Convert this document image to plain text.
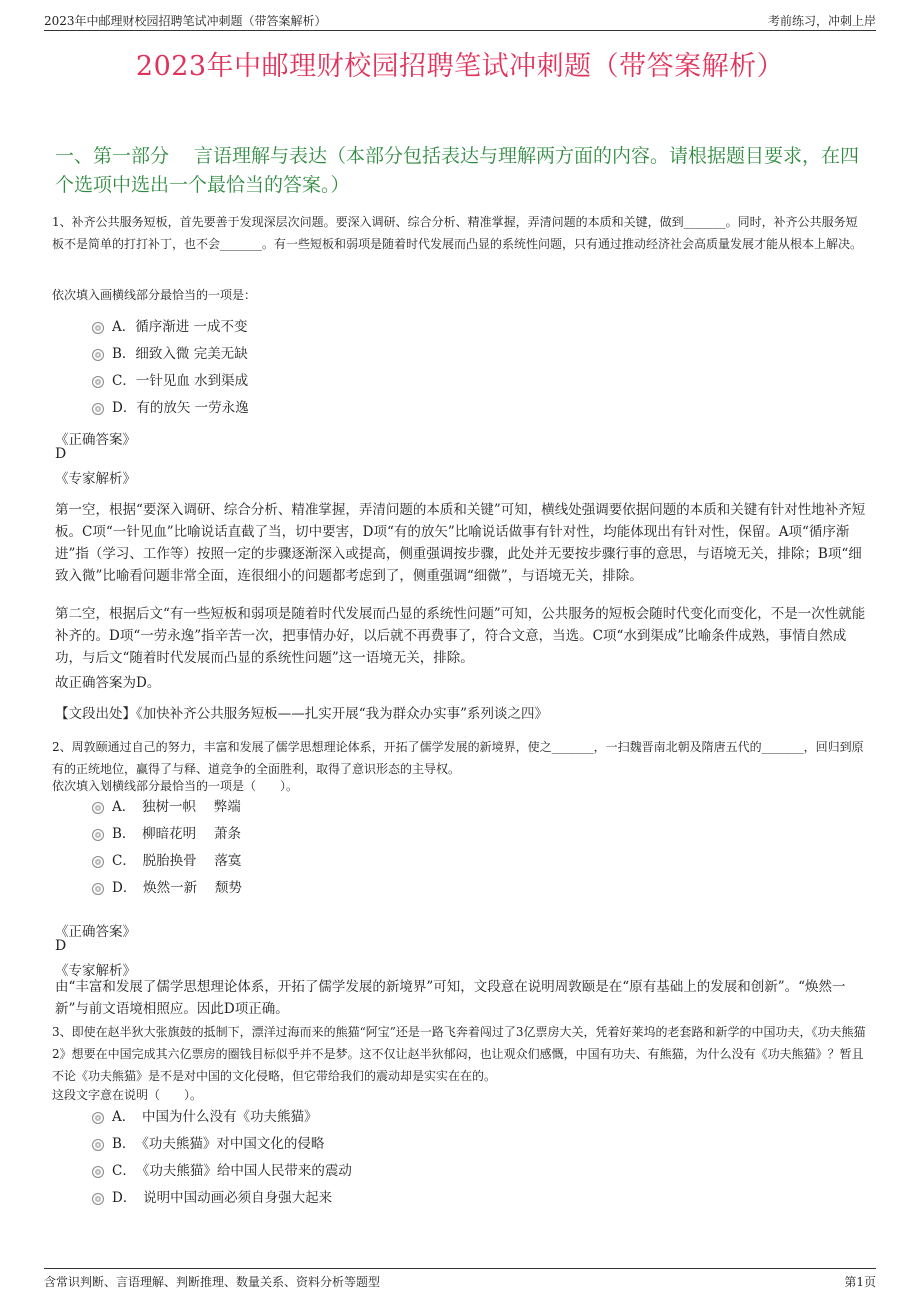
2023年中邮理财校园招聘笔试冲刺题（带答案解析）	考前练习，冲刺上岸
2023年中邮理财校园招聘笔试冲刺题（带答案解析）
一、第一部分　 言语理解与表达（本部分包括表达与理解两方面的内容。请根据题目要求，在四个选项中选出一个最恰当的答案。）
1、补齐公共服务短板，首先要善于发现深层次问题。要深入调研、综合分析、精准掌握，弄清问题的本质和关键，做到_______。同时，补齐公共服务短板不是简单的打打补丁，也不会_______。有一些短板和弱项是随着时代发展而凸显的系统性问题，只有通过推动经济社会高质量发展才能从根本上解决。
依次填入画横线部分最恰当的一项是：
A．循序渐进 一成不变
B．细致入微 完美无缺
C．一针见血 水到渠成
D．有的放矢 一劳永逸
《正确答案》
D
《专家解析》
第一空，根据“要深入调研、综合分析、精准掌握，弄清问题的本质和关键”可知，横线处强调要依据问题的本质和关键有针对性地补齐短板。C项“一针见血”比喻说话直截了当，切中要害，D项“有的放矢”比喻说话做事有针对性，均能体现出有针对性，保留。A项“循序渐进”指（学习、工作等）按照一定的步骤逐渐深入或提高，侧重强调按步骤，此处并无要按步骤行事的意思，与语境无关，排除；B项“细致入微”比喻看问题非常全面，连很细小的问题都考虑到了，侧重强调“细微”，与语境无关，排除。
第二空，根据后文“有一些短板和弱项是随着时代发展而凸显的系统性问题”可知，公共服务的短板会随时代变化而变化，不是一次性就能补齐的。D项“一劳永逸”指辛苦一次，把事情办好，以后就不再费事了，符合文意，当选。C项“水到渠成”比喻条件成熟，事情自然成功，与后文“随着时代发展而凸显的系统性问题”这一语境无关，排除。
故正确答案为D。
【文段出处】《加快补齐公共服务短板——扎实开展“我为群众办实事”系列谈之四》
2、周敦颐通过自己的努力，丰富和发展了儒学思想理论体系，开拓了儒学发展的新境界，使之_______，一扫魏晋南北朝及隋唐五代的_______，回归到原有的正统地位，赢得了与释、道竞争的全面胜利，取得了意识形态的主导权。
依次填入划横线部分最恰当的一项是（　　）。
A．　独树一帜　 弊端
B．　柳暗花明　 萧条
C．　脱胎换骨　 落寞
D．　焕然一新　 颓势
《正确答案》
D
《专家解析》
由“丰富和发展了儒学思想理论体系，开拓了儒学发展的新境界”可知，文段意在说明周敦颐是在“原有基础上的发展和创新”。“焕然一新”与前文语境相照应。因此D项正确。
3、即使在赵半狄大张旗鼓的抵制下，漂洋过海而来的熊猫“阿宝”还是一路飞奔着闯过了3亿票房大关，凭着好莱坞的老套路和新学的中国功夫，《功夫熊猫2》想要在中国完成其六亿票房的圈钱目标似乎并不是梦。这不仅让赵半狄郁闷，也让观众们感慨，中国有功夫、有熊猫，为什么没有《功夫熊猫》？暂且不论《功夫熊猫》是不是对中国的文化侵略，但它带给我们的震动却是实实在在的。
这段文字意在说明（　　）。
A．　中国为什么没有《功夫熊猫》
B．　《功夫熊猫》对中国文化的侵略
C．　《功夫熊猫》给中国人民带来的震动
D．　说明中国动画必须自身强大起来
含常识判断、言语理解、判断推理、数量关系、资料分析等题型	第1页
